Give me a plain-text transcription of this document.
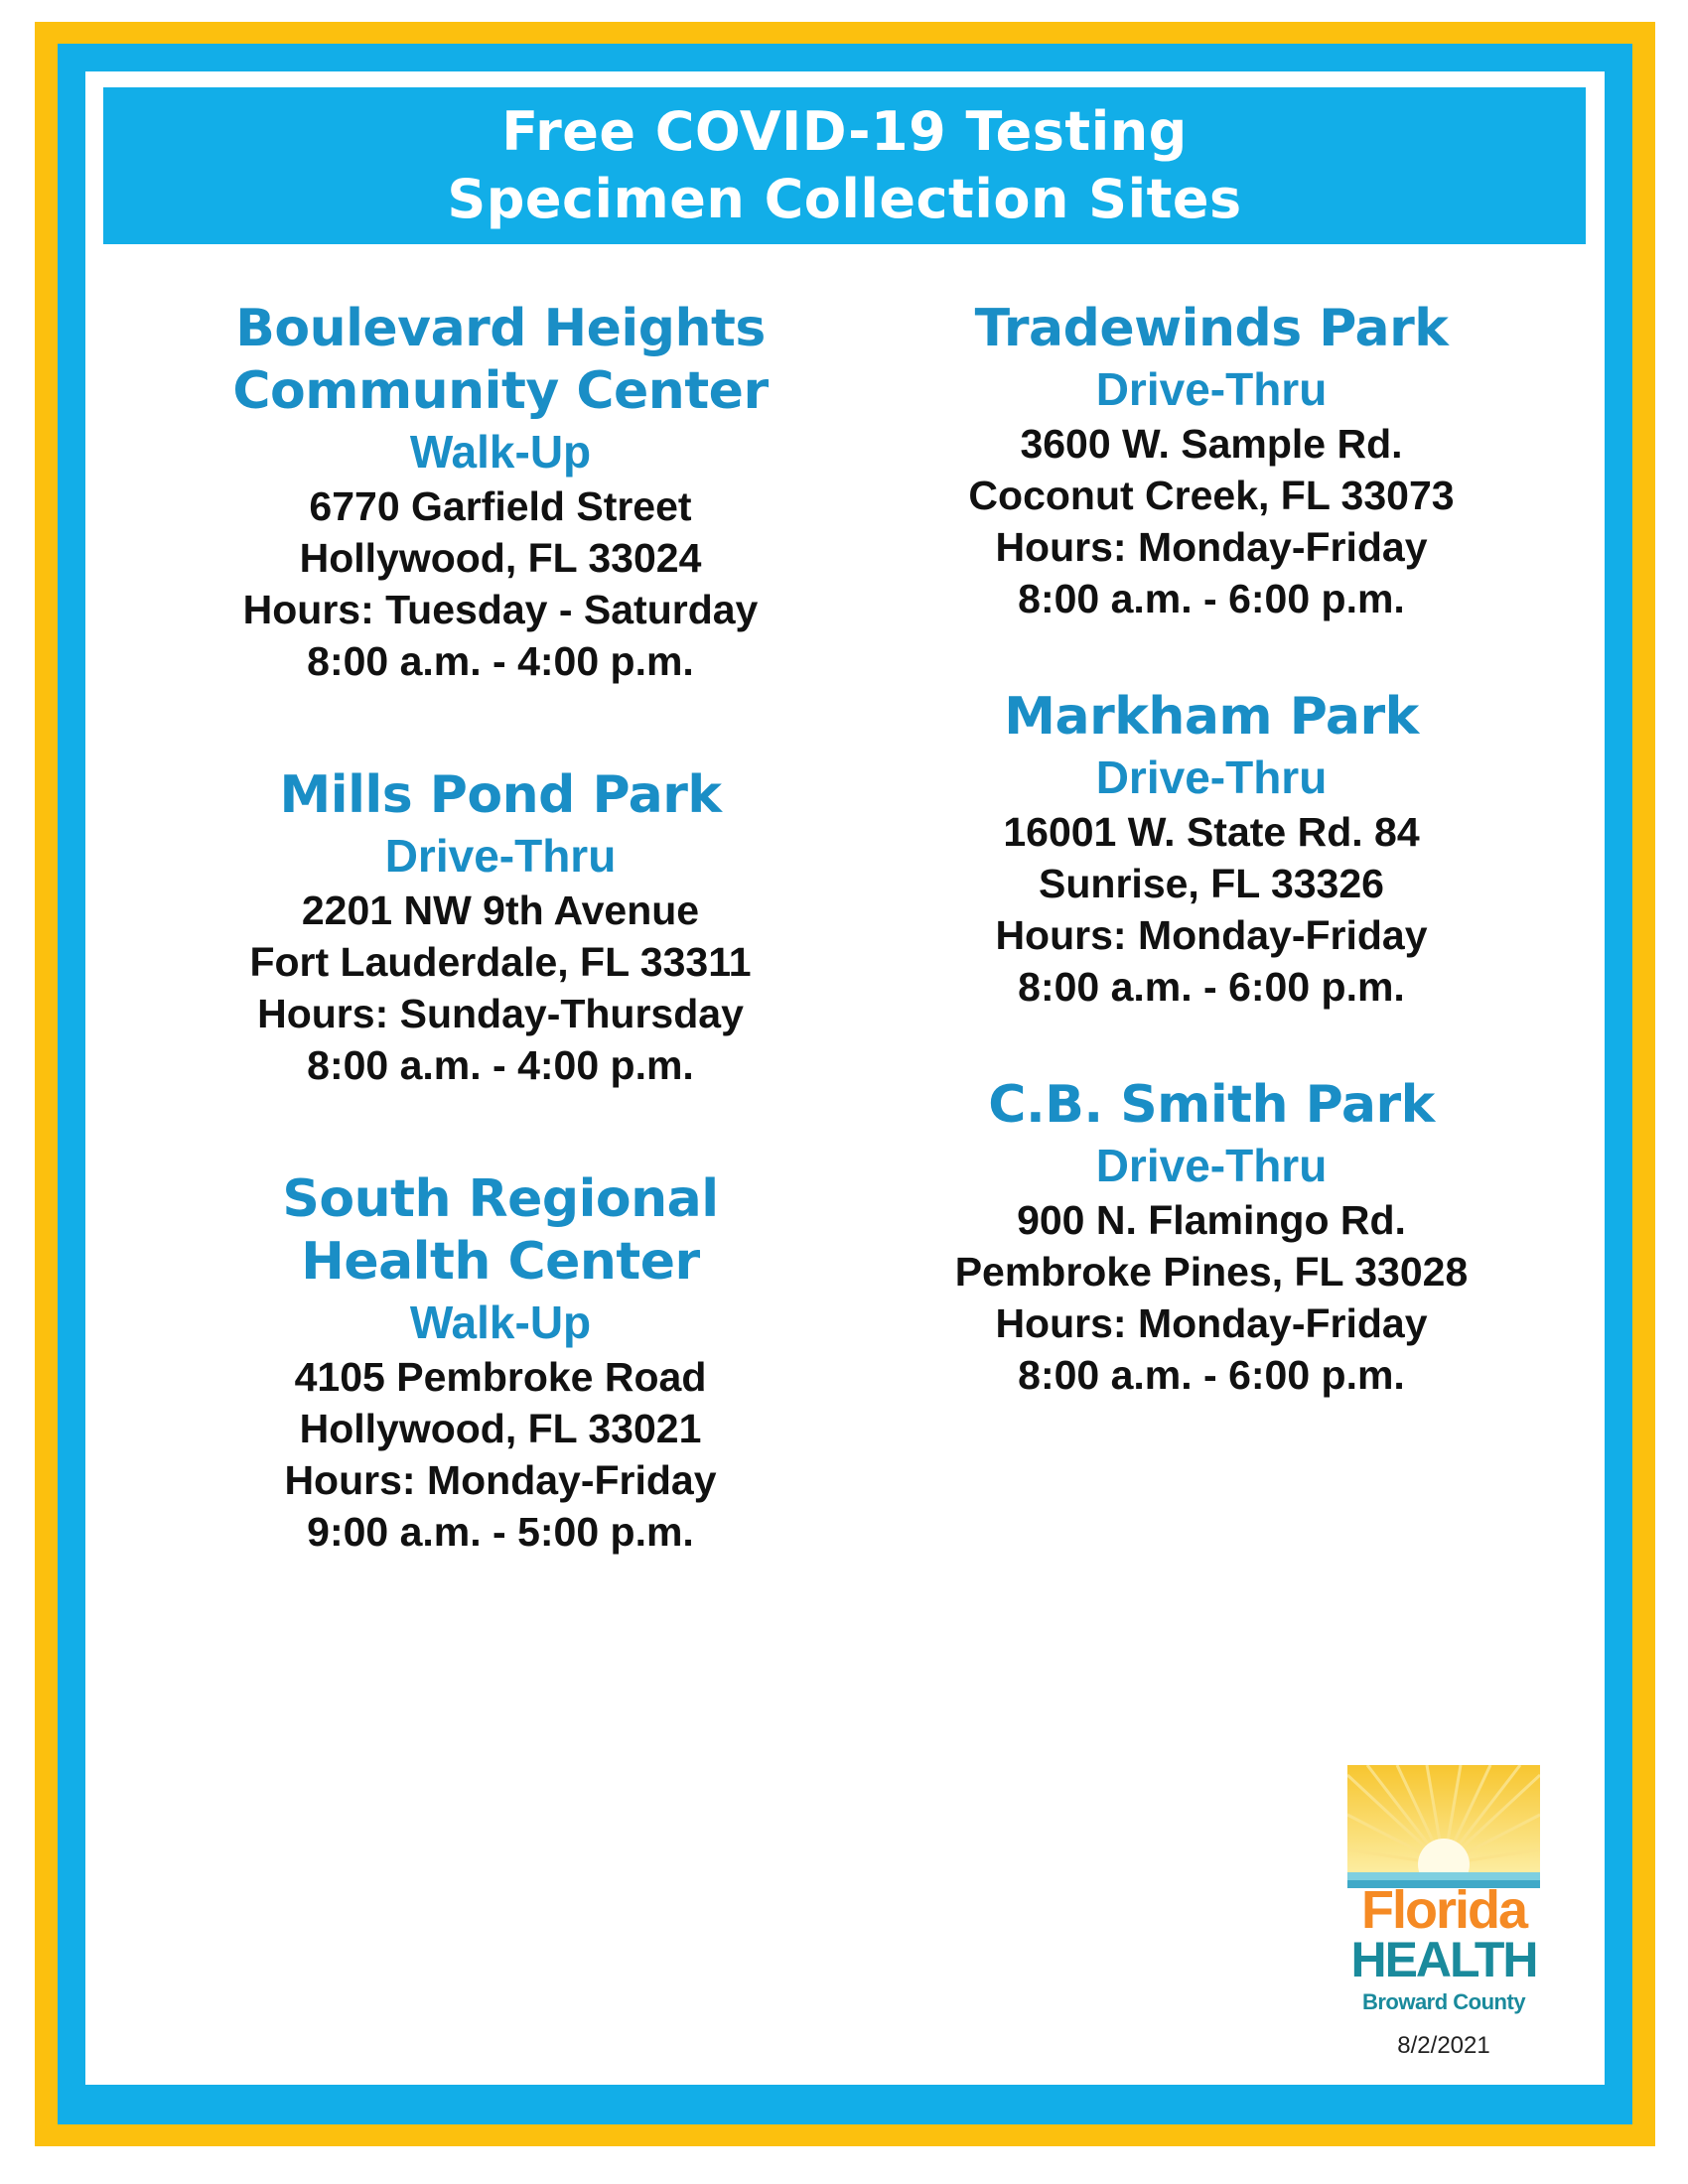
Free COVID-19 Testing
Specimen Collection Sites
Boulevard Heights
Community Center
Walk-Up
6770 Garfield Street
Hollywood, FL 33024
Hours: Tuesday - Saturday
8:00 a.m. - 4:00 p.m.
Mills Pond Park
Drive-Thru
2201 NW 9th Avenue
Fort Lauderdale, FL 33311
Hours: Sunday-Thursday
8:00 a.m. - 4:00 p.m.
South Regional
Health Center
Walk-Up
4105 Pembroke Road
Hollywood, FL 33021
Hours: Monday-Friday
9:00 a.m. - 5:00 p.m.
Tradewinds Park
Drive-Thru
3600 W. Sample Rd.
Coconut Creek, FL 33073
Hours: Monday-Friday
8:00 a.m. - 6:00 p.m.
Markham Park
Drive-Thru
16001 W. State Rd. 84
Sunrise, FL 33326
Hours: Monday-Friday
8:00 a.m. - 6:00 p.m.
C.B. Smith Park
Drive-Thru
900 N. Flamingo Rd.
Pembroke Pines, FL 33028
Hours: Monday-Friday
8:00 a.m. - 6:00 p.m.
Florida
HEALTH
Broward County
8/2/2021
